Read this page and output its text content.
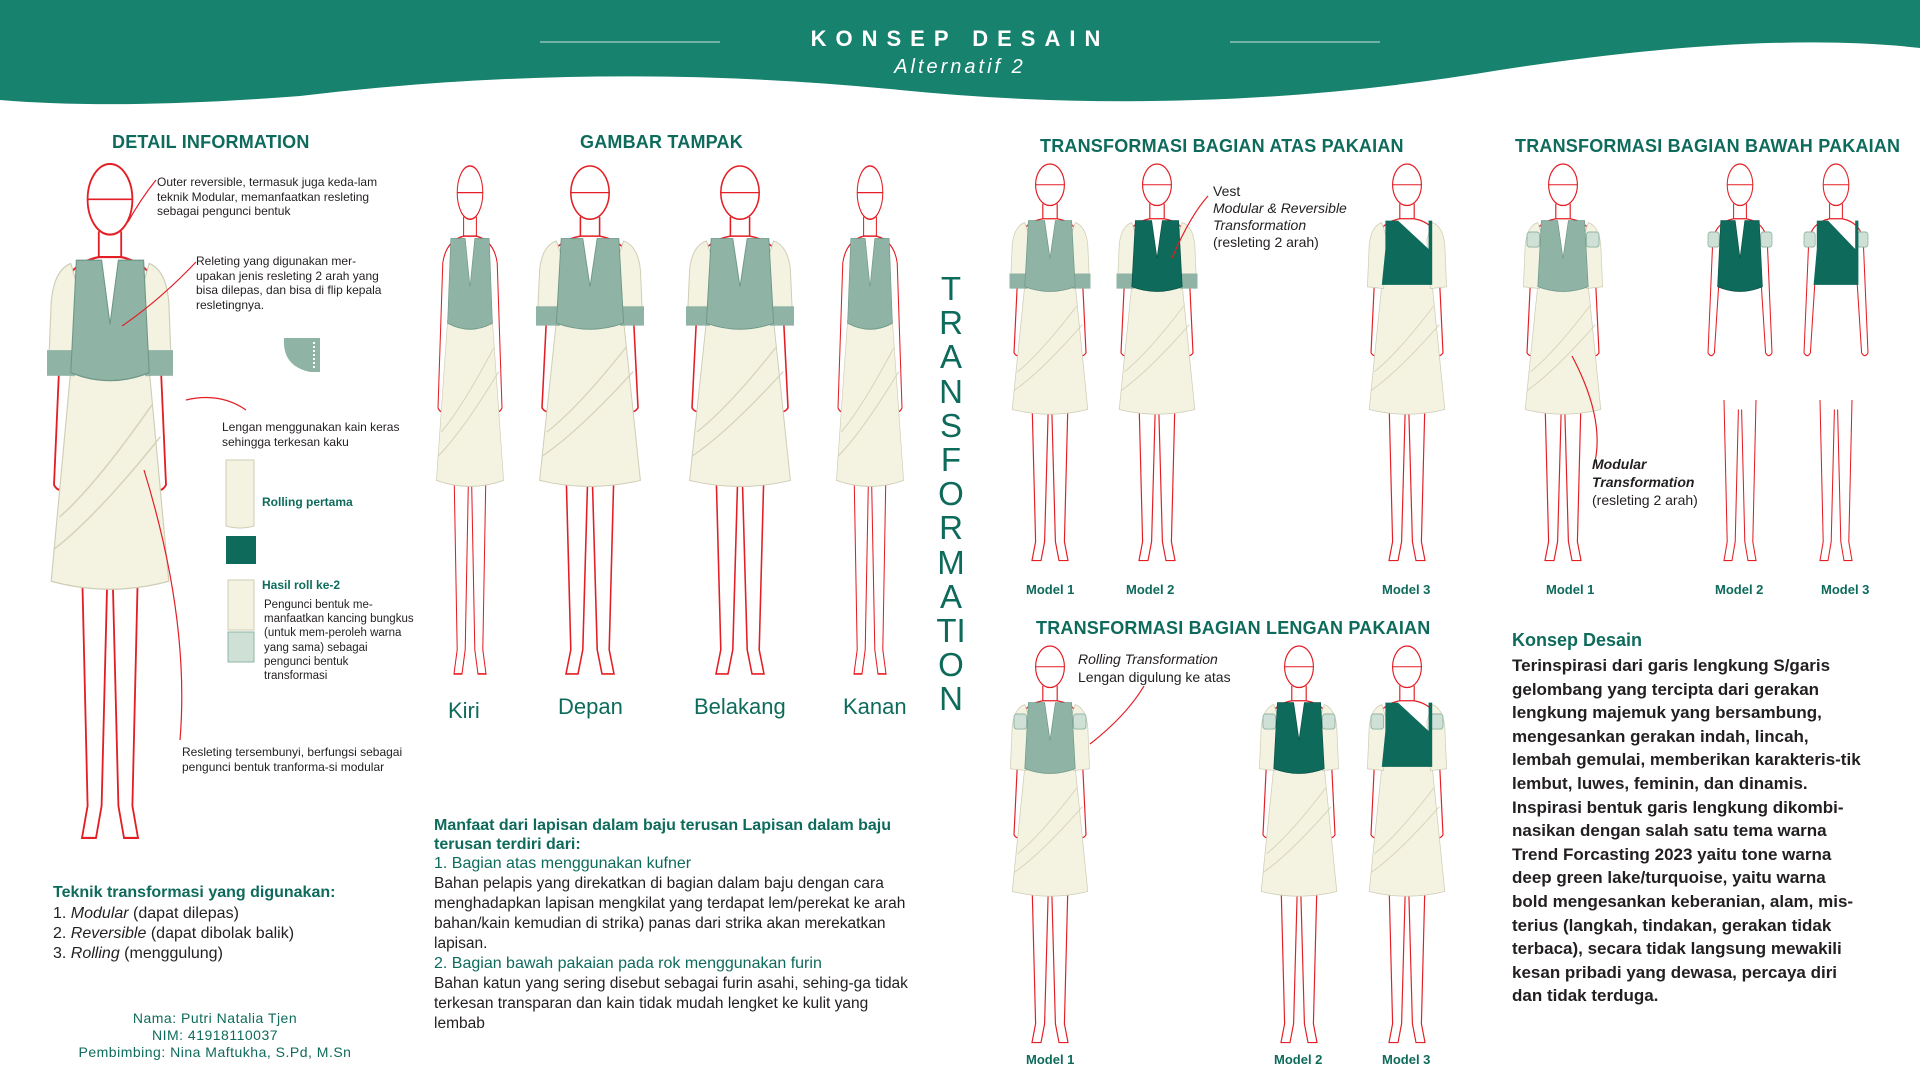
KONSEP DESAIN
Alternatif 2
DETAIL INFORMATION
Outer reversible, termasuk juga keda-lam teknik Modular, memanfaatkan resleting sebagai pengunci bentuk
Releting yang digunakan mer-upakan jenis resleting 2 arah yang bisa dilepas, dan bisa di flip kepala resletingnya.
Lengan menggunakan kain keras sehingga terkesan kaku
Rolling pertama
Hasil roll ke-2
Pengunci bentuk me-manfaatkan kancing bungkus (untuk mem-peroleh warna yang sama) sebagai pengunci bentuk transformasi
Resleting tersembunyi, berfungsi sebagai pengunci bentuk tranforma-si modular
Teknik transformasi yang digunakan:
1. Modular (dapat dilepas)
2. Reversible (dapat dibolak balik)
3. Rolling (menggulung)
Nama: Putri Natalia Tjen
NIM: 41918110037
Pembimbing: Nina Maftukha, S.Pd, M.Sn
GAMBAR TAMPAK
Kiri	Depan	Belakang	Kanan
TRANSFORMATION
Manfaat dari lapisan dalam baju terusan Lapisan dalam baju terusan terdiri dari:
1. Bagian atas menggunakan kufner
Bahan pelapis yang direkatkan di bagian dalam baju dengan cara menghadapkan lapisan mengkilat yang terdapat lem/perekat ke arah bahan/kain kemudian di strika) panas dari strika akan merekatkan lapisan.
2. Bagian bawah pakaian pada rok menggunakan furin
Bahan katun yang sering disebut sebagai furin asahi, sehing-ga tidak terkesan transparan dan kain tidak mudah lengket ke kulit yang lembab
TRANSFORMASI BAGIAN ATAS PAKAIAN
Vest
Modular & Reversible Transformation
(resleting 2 arah)
Model 1	Model 2	Model 3
TRANSFORMASI BAGIAN BAWAH PAKAIAN
Modular Transformation
(resleting 2 arah)
Model 1	Model 2	Model 3
TRANSFORMASI BAGIAN LENGAN PAKAIAN
Rolling Transformation
Lengan digulung ke atas
Model 1	Model 2	Model 3
Konsep Desain
Terinspirasi dari garis lengkung S/garis gelombang yang tercipta dari gerakan lengkung majemuk yang bersambung, mengesankan gerakan indah, lincah, lembah gemulai, memberikan karakteris-tik lembut, luwes, feminin, dan dinamis. Inspirasi bentuk garis lengkung dikombi-nasikan dengan salah satu tema warna Trend Forcasting 2023 yaitu tone warna deep green lake/turquoise, yaitu warna bold mengesankan keberanian, alam, mis-terius (langkah, tindakan, gerakan tidak terbaca), secara tidak langsung mewakili kesan pribadi yang dewasa, percaya diri dan tidak terduga.
